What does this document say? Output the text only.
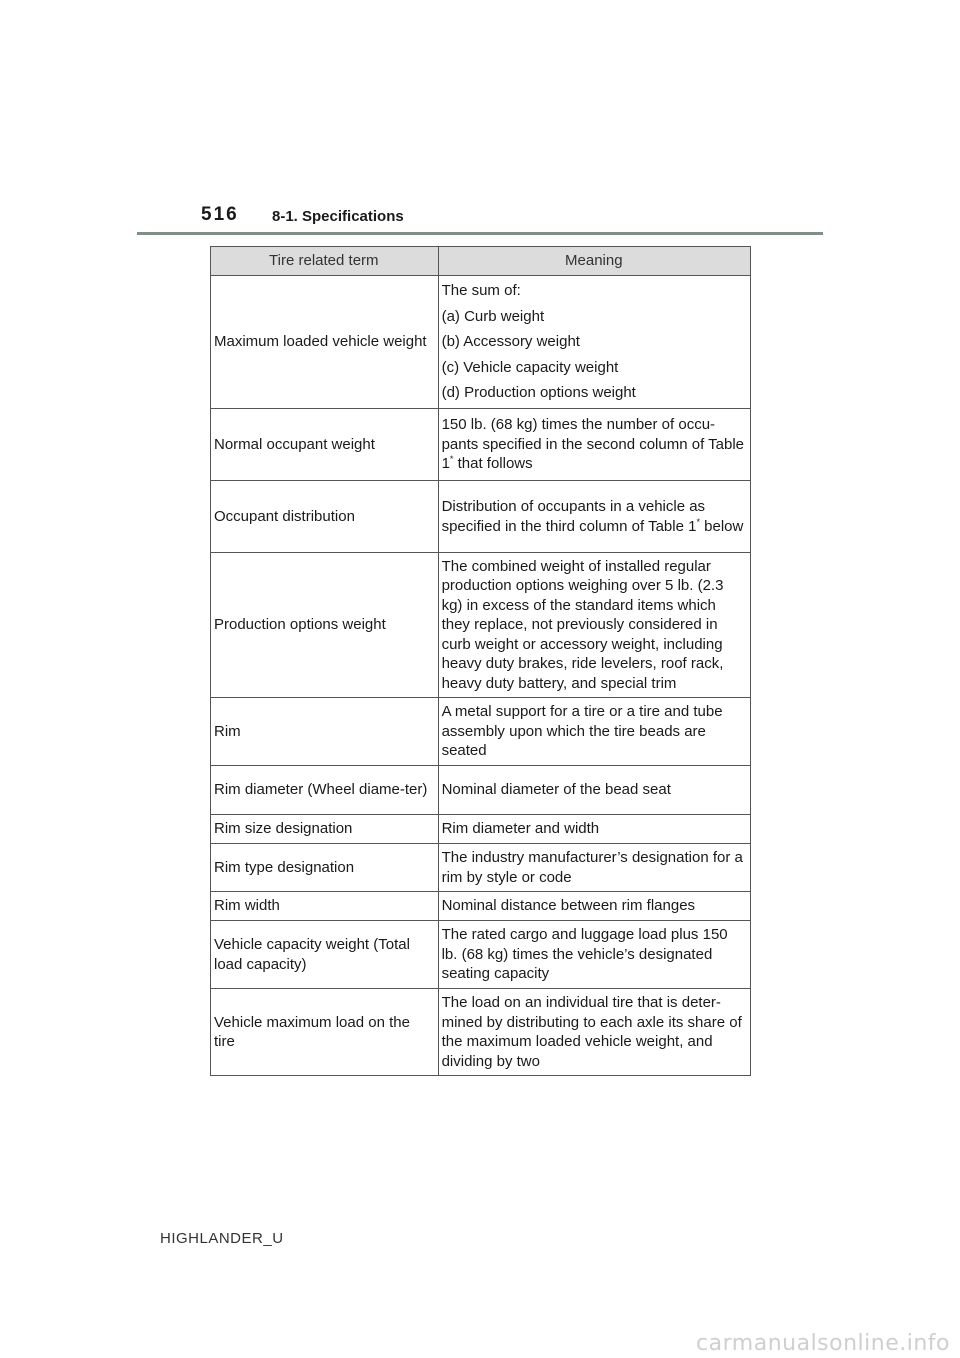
516 8-1. Specifications
Tire related term	Meaning
Maximum loaded vehicle weight	The sum of:

(a) Curb weight

(b) Accessory weight

(c) Vehicle capacity weight

(d) Production options weight

Normal occupant weight	150 lb. (68 kg) times the number of occu-pants specified in the second column of Table 1* that follows
Occupant distribution	Distribution of occupants in a vehicle as specified in the third column of Table 1* below
Production options weight	The combined weight of installed regular production options weighing over 5 lb. (2.3 kg) in excess of the standard items which they replace, not previously considered in curb weight or accessory weight, including heavy duty brakes, ride levelers, roof rack, heavy duty battery, and special trim
Rim	A metal support for a tire or a tire and tube assembly upon which the tire beads are seated
Rim diameter (Wheel diame-ter)	Nominal diameter of the bead seat
Rim size designation	Rim diameter and width
Rim type designation	The industry manufacturer’s designation for a rim by style or code
Rim width	Nominal distance between rim flanges
Vehicle capacity weight (Total load capacity)	The rated cargo and luggage load plus 150 lb. (68 kg) times the vehicle’s designated seating capacity
Vehicle maximum load on the tire	The load on an individual tire that is deter-mined by distributing to each axle its share of the maximum loaded vehicle weight, and dividing by two
HIGHLANDER_U
carmanualsonline.info
